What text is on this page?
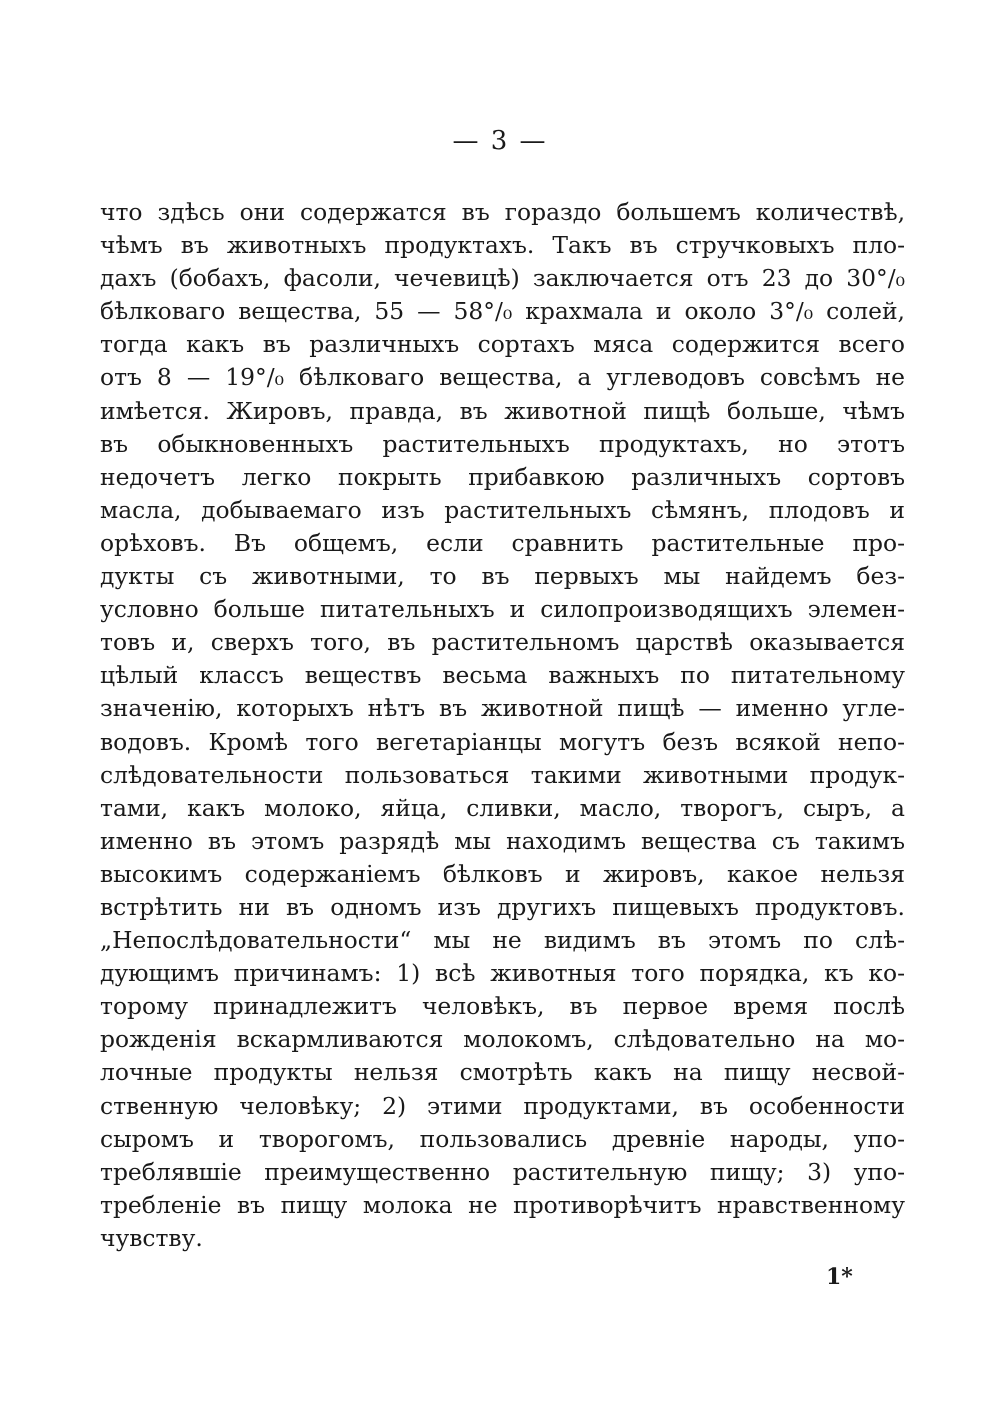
— 3 —
что здѣсь они содержатся въ гораздо большемъ количествѣ,
чѣмъ въ животныхъ продуктахъ. Такъ въ стручковыхъ пло-
дахъ (бобахъ, фасоли, чечевицѣ) заключается отъ 23 до 30°/₀
бѣлковаго вещества, 55 — 58°/₀ крахмала и около 3°/₀ солей,
тогда какъ въ различныхъ сортахъ мяса содержится всего
отъ 8 — 19°/₀ бѣлковаго вещества, а углеводовъ совсѣмъ не
имѣется. Жировъ, правда, въ животной пищѣ больше, чѣмъ
въ обыкновенныхъ растительныхъ продуктахъ, но этотъ
недочетъ легко покрыть прибавкою различныхъ сортовъ
масла, добываемаго изъ растительныхъ сѣмянъ, плодовъ и
орѣховъ. Въ общемъ, если сравнить растительные про-
дукты съ животными, то въ первыхъ мы найдемъ без-
условно больше питательныхъ и силопроизводящихъ элемен-
товъ и, сверхъ того, въ растительномъ царствѣ оказывается
цѣлый классъ веществъ весьма важныхъ по питательному
значенію, которыхъ нѣтъ въ животной пищѣ — именно угле-
водовъ. Кромѣ того вегетаріанцы могутъ безъ всякой непо-
слѣдовательности пользоваться такими животными продук-
тами, какъ молоко, яйца, сливки, масло, творогъ, сыръ, а
именно въ этомъ разрядѣ мы находимъ вещества съ такимъ
высокимъ содержаніемъ бѣлковъ и жировъ, какое нельзя
встрѣтить ни въ одномъ изъ другихъ пищевыхъ продуктовъ.
„Непослѣдовательности“ мы не видимъ въ этомъ по слѣ-
дующимъ причинамъ: 1) всѣ животныя того порядка, къ ко-
торому принадлежитъ человѣкъ, въ первое время послѣ
рожденія вскармливаются молокомъ, слѣдовательно на мо-
лочные продукты нельзя смотрѣть какъ на пищу несвой-
ственную человѣку; 2) этими продуктами, въ особенности
сыромъ и творогомъ, пользовались древніе народы, упо-
треблявшіе преимущественно растительную пищу; 3) упо-
требленіе въ пищу молока не противорѣчитъ нравственному
чувству.
1*
